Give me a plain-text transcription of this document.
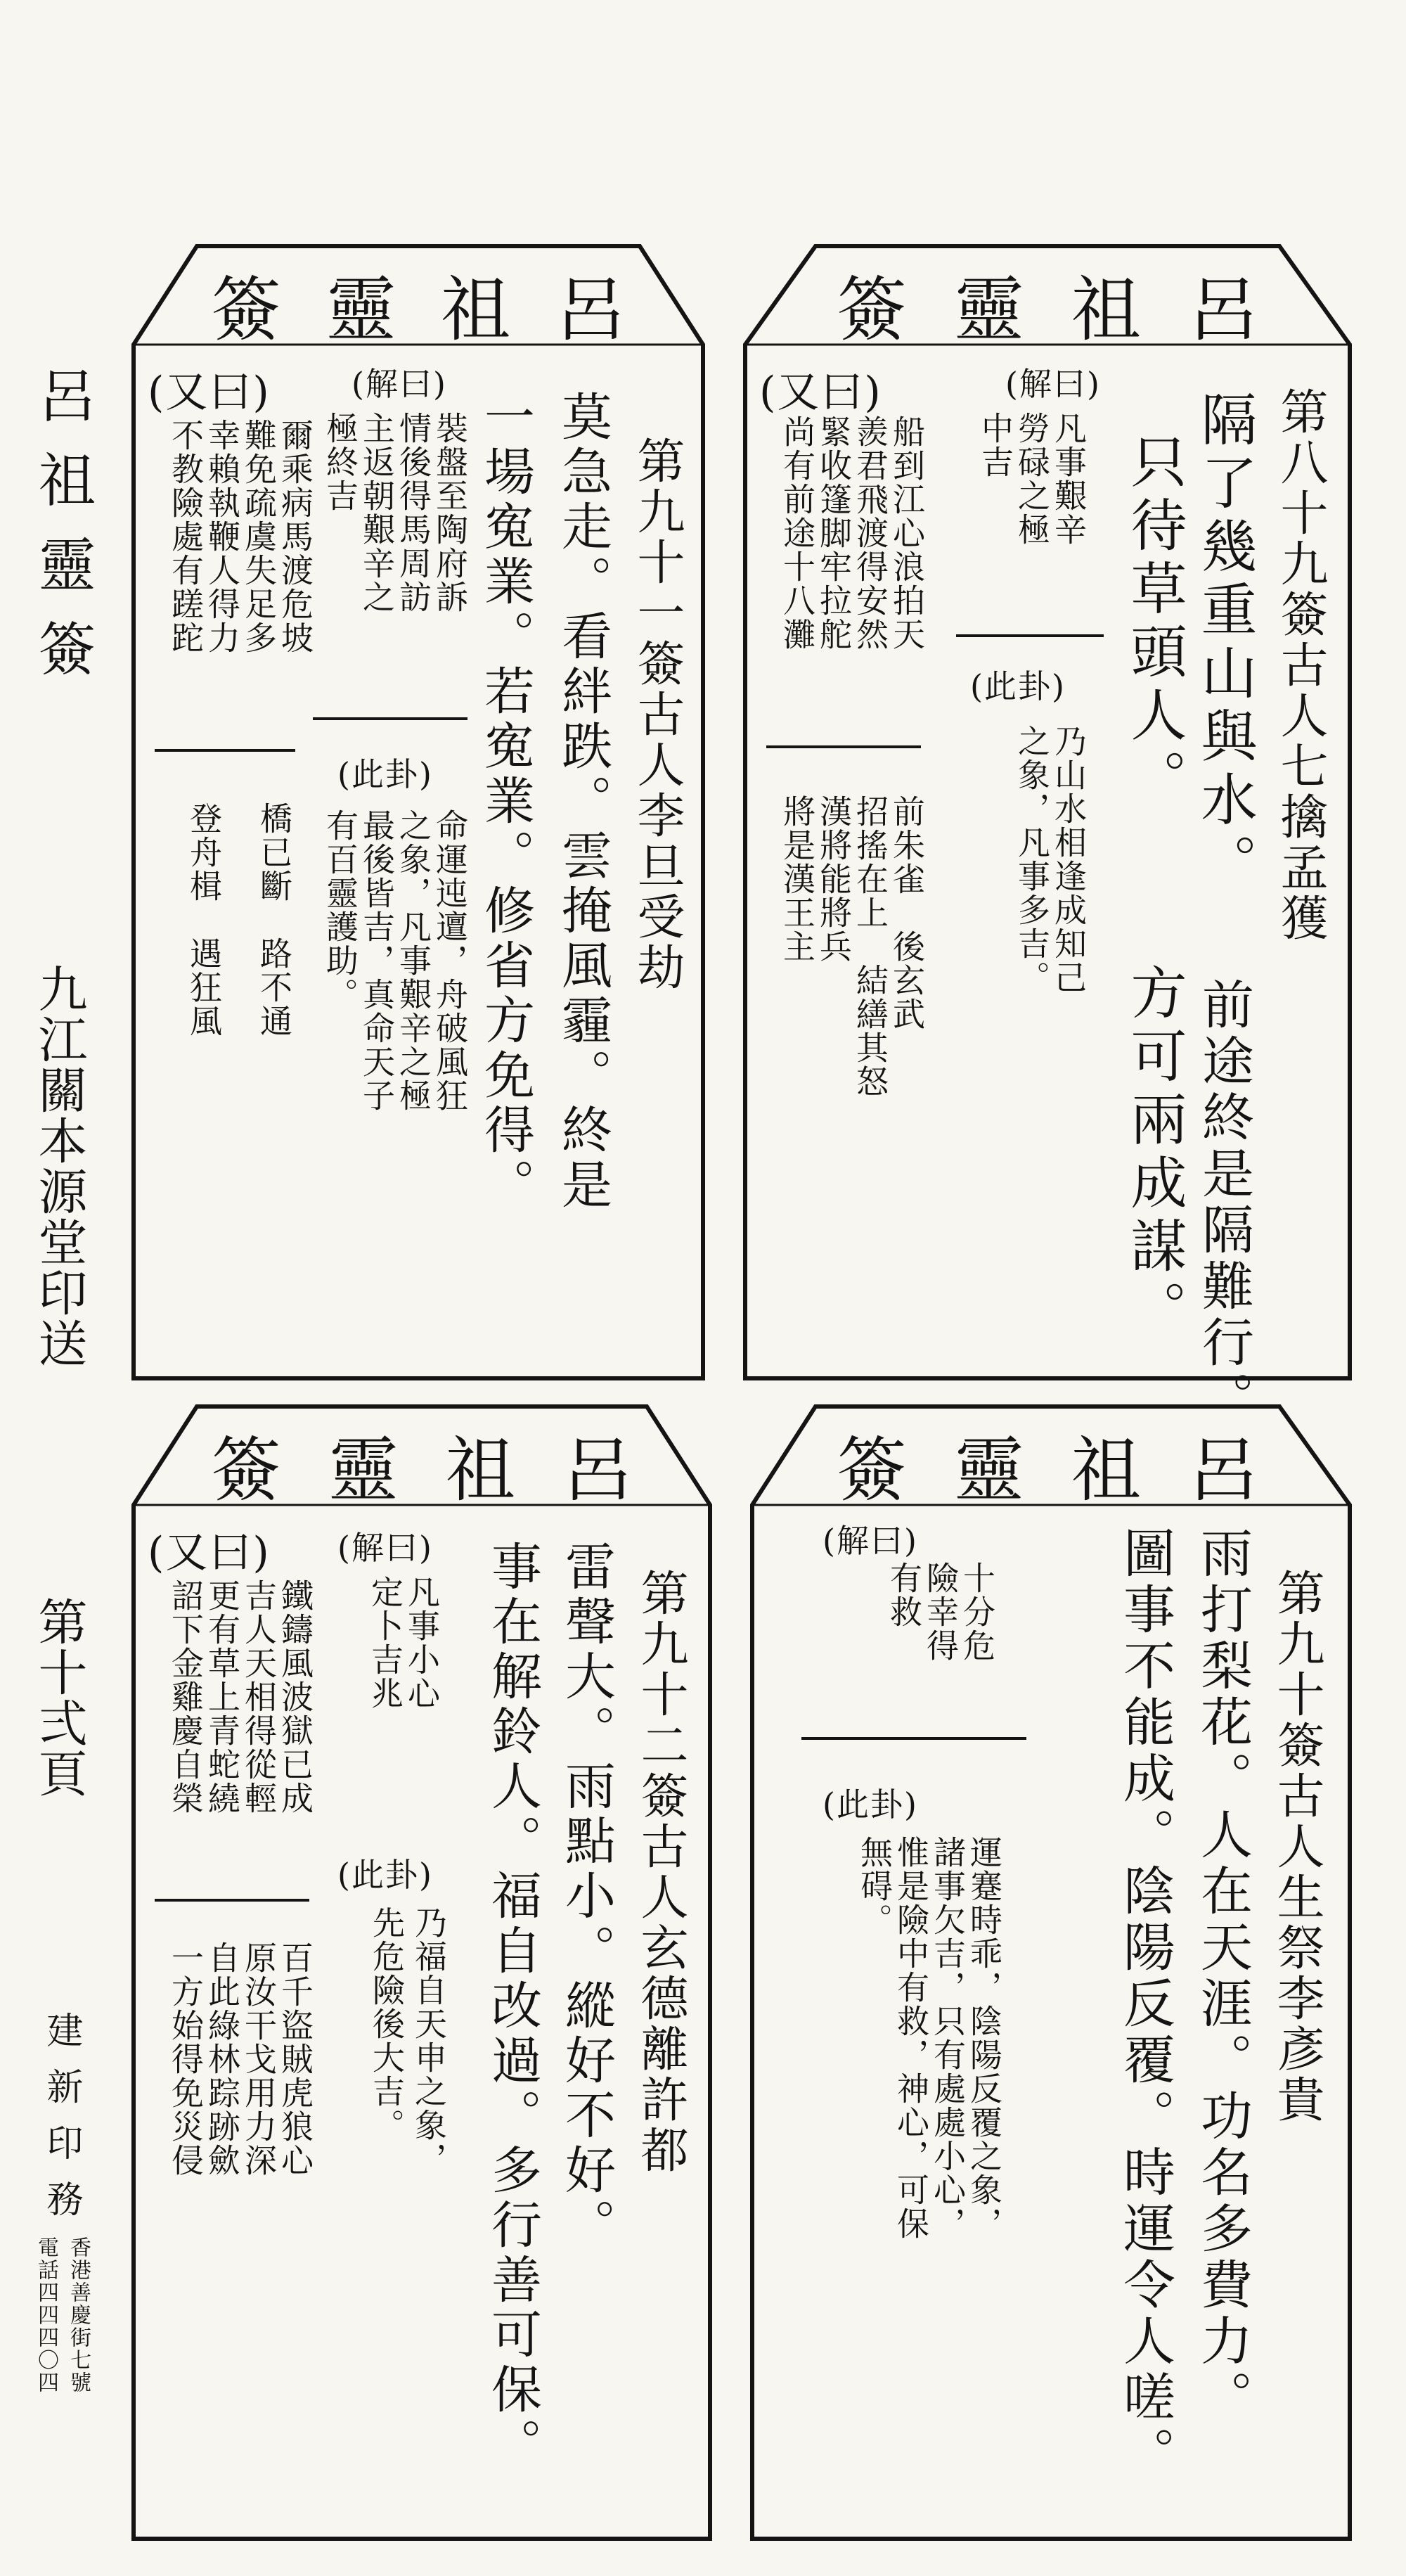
呂祖靈簽
九江關本源堂印送
第十弍頁
建新印務
香港善慶街七號
電話四四四〇四
簽 靈 祖 呂
第八十九簽古人七擒孟獲
隔了幾重山與水。
只待草頭人。
方可兩成謀。 前途終是隔難行。
(解曰)
凡事艱辛
勞碌之極
中吉
(此卦)
乃山水相逢成知己
之象，凡事多吉。
(又曰)
船到江心浪拍天
羨君飛渡得安然
緊收篷脚牢拉舵
尚有前途十八灘
前朱雀　後玄武
招搖在上　結繕其怒
漢將能將兵
將是漢王主
簽 靈 祖 呂
第九十一簽古人李旦受劫
莫急走。看絆跌。雲掩風霾。終是
一場寃業。若寃業。修省方免得。
(解曰)
裝盤至陶府訴
情後得馬周訪
主返朝艱辛之
極終吉
(此卦)
命運迍邅，舟破風狂
之象，凡事艱辛之極
最後皆吉，真命天子
有百靈護助。
(又曰)
爾乘病馬渡危坡
難免疏虞失足多
幸賴執鞭人得力
不教險處有蹉跎
橋已斷　路不通
登舟楫　遇狂風
簽 靈 祖 呂
第九十簽古人生祭李彥貴
雨打梨花。人在天涯。功名多費力。
圖事不能成。陰陽反覆。時運令人嗟。
(解曰)
十分危
險幸得
有救
(此卦)
運蹇時乖，陰陽反覆之象，
諸事欠吉，只有處處小心，
惟是險中有救，神心，可保
無碍。
簽 靈 祖 呂
第九十二簽古人玄德離許都
雷聲大。雨點小。縱好不好。
事在解鈴人。福自改過。多行善可保。
(解曰)
凡事小心
定卜吉兆
(此卦)
乃福自天申之象，
先危險後大吉。
(又曰)
鐵鑄風波獄已成
吉人天相得從輕
更有草上青蛇繞
詔下金雞慶自榮
百千盜賊虎狼心
原汝干戈用力深
自此綠林踪跡歛
一方始得免災侵
